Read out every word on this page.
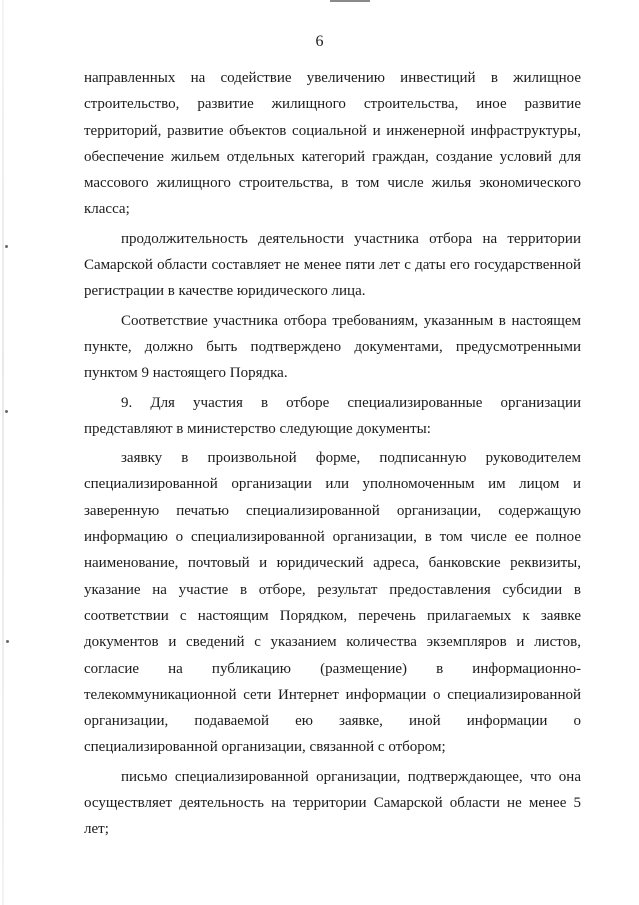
6

направленных на содействие увеличению инвестиций в жилищное строительство, развитие жилищного строительства, иное развитие территорий, развитие объектов социальной и инженерной инфраструктуры, обеспечение жильем отдельных категорий граждан, создание условий для массового жилищного строительства, в том числе жилья экономического класса;

продолжительность деятельности участника отбора на территории Самарской области составляет не менее пяти лет с даты его государственной регистрации в качестве юридического лица.

Соответствие участника отбора требованиям, указанным в настоящем пункте, должно быть подтверждено документами, предусмотренными пунктом 9 настоящего Порядка.

9. Для участия в отборе специализированные организации представляют в министерство следующие документы:

заявку в произвольной форме, подписанную руководителем специализированной организации или уполномоченным им лицом и заверенную печатью специализированной организации, содержащую информацию о специализированной организации, в том числе ее полное наименование, почтовый и юридический адреса, банковские реквизиты, указание на участие в отборе, результат предоставления субсидии в соответствии с настоящим Порядком, перечень прилагаемых к заявке документов и сведений с указанием количества экземпляров и листов, согласие на публикацию (размещение) в информационно-телекоммуникационной сети Интернет информации о специализированной организации, подаваемой ею заявке, иной информации о специализированной организации, связанной с отбором;

письмо специализированной организации, подтверждающее, что она осуществляет деятельность на территории Самарской области не менее 5 лет;
